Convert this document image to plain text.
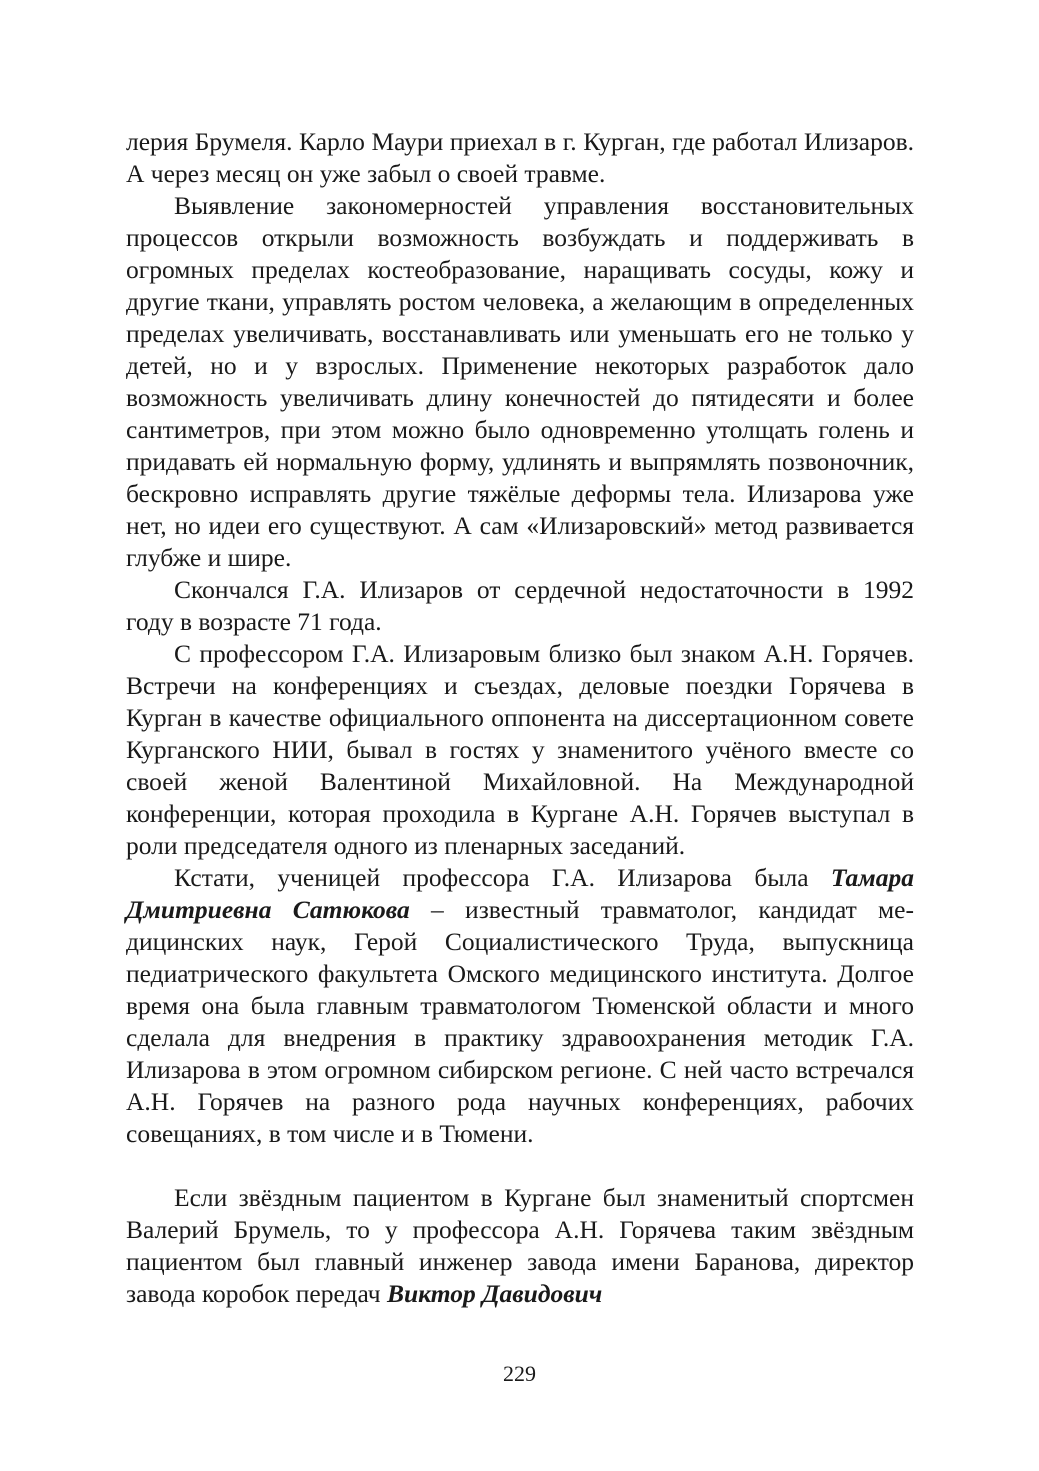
лерия Брумеля. Карло Маури приехал в г. Курган, где работал Илизаров. А через месяц он уже забыл о своей травме.

Выявление закономерностей управления восстановительных процессов открыли возможность возбуждать и поддерживать в огромных пределах костеобразование, наращивать сосуды, кожу и другие ткани, управлять ростом человека, а желающим в определенных пределах увеличивать, восстанавливать или уменьшать его не только у детей, но и у взрослых. Применение некоторых разработок дало возможность увеличивать длину конечностей до пятидесяти и более сантиметров, при этом можно было одновременно утолщать голень и придавать ей нормальную форму, удлинять и выпрямлять позвоночник, бескровно исправлять другие тяжёлые деформы тела. Илизарова уже нет, но идеи его существуют. А сам «Илизаровский» метод развивается глубже и шире.

Скончался Г.А. Илизаров от сердечной недостаточности в 1992 году в возрасте 71 года.

С профессором Г.А. Илизаровым близко был знаком А.Н. Горячев. Встречи на конференциях и съездах, деловые поездки Горячева в Курган в качестве официального оппонента на диссертационном совете Курганского НИИ, бывал в гостях у знаменитого учёного вместе со своей женой Валентиной Михайловной. На Международной конференции, которая проходила в Кургане А.Н. Горячев выступал в роли председателя одного из пленарных заседаний.

Кстати, ученицей профессора Г.А. Илизарова была Тамара Дмитриевна Сатюкова – известный травматолог, кандидат медицинских наук, Герой Социалистического Труда, выпускница педиатрического факультета Омского медицинского института. Долгое время она была главным травматологом Тюменской области и много сделала для внедрения в практику здравоохранения методик Г.А. Илизарова в этом огромном сибирском регионе. С ней часто встречался А.Н. Горячев на разного рода научных конференциях, рабочих совещаниях, в том числе и в Тюмени.

Если звёздным пациентом в Кургане был знаменитый спортсмен Валерий Брумель, то у профессора А.Н. Горячева таким звёздным пациентом был главный инженер завода имени Баранова, директор завода коробок передач Виктор Давидович

229
